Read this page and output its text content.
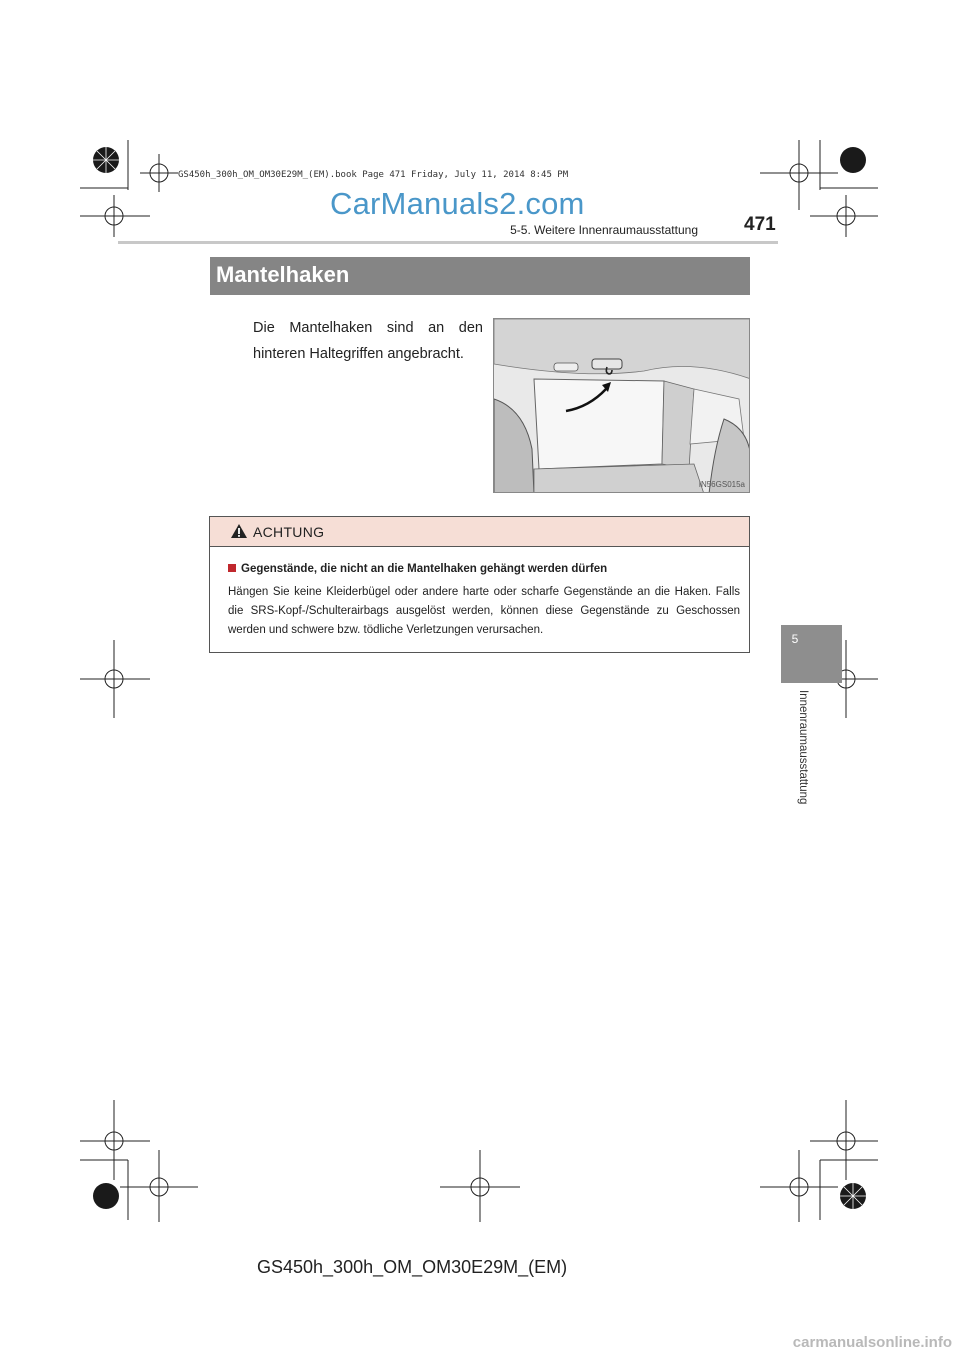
GS450h_300h_OM_OM30E29M_(EM).book Page 471 Friday, July 11, 2014 8:45 PM
CarManuals2.com
5-5. Weitere Innenraumausstattung 471
Mantelhaken
Die Mantelhaken sind an den hinteren Haltegriffen angebracht.
IN56GS015a
ACHTUNG
Gegenstände, die nicht an die Mantelhaken gehängt werden dürfen
Hängen Sie keine Kleiderbügel oder andere harte oder scharfe Gegenstände an die Haken. Falls die SRS-Kopf-/Schulterairbags ausgelöst werden, können diese Gegenstände zu Geschossen werden und schwere bzw. tödliche Verletzungen verursachen.
5
Innenraumausstattung
GS450h_300h_OM_OM30E29M_(EM)
carmanualsonline.info
